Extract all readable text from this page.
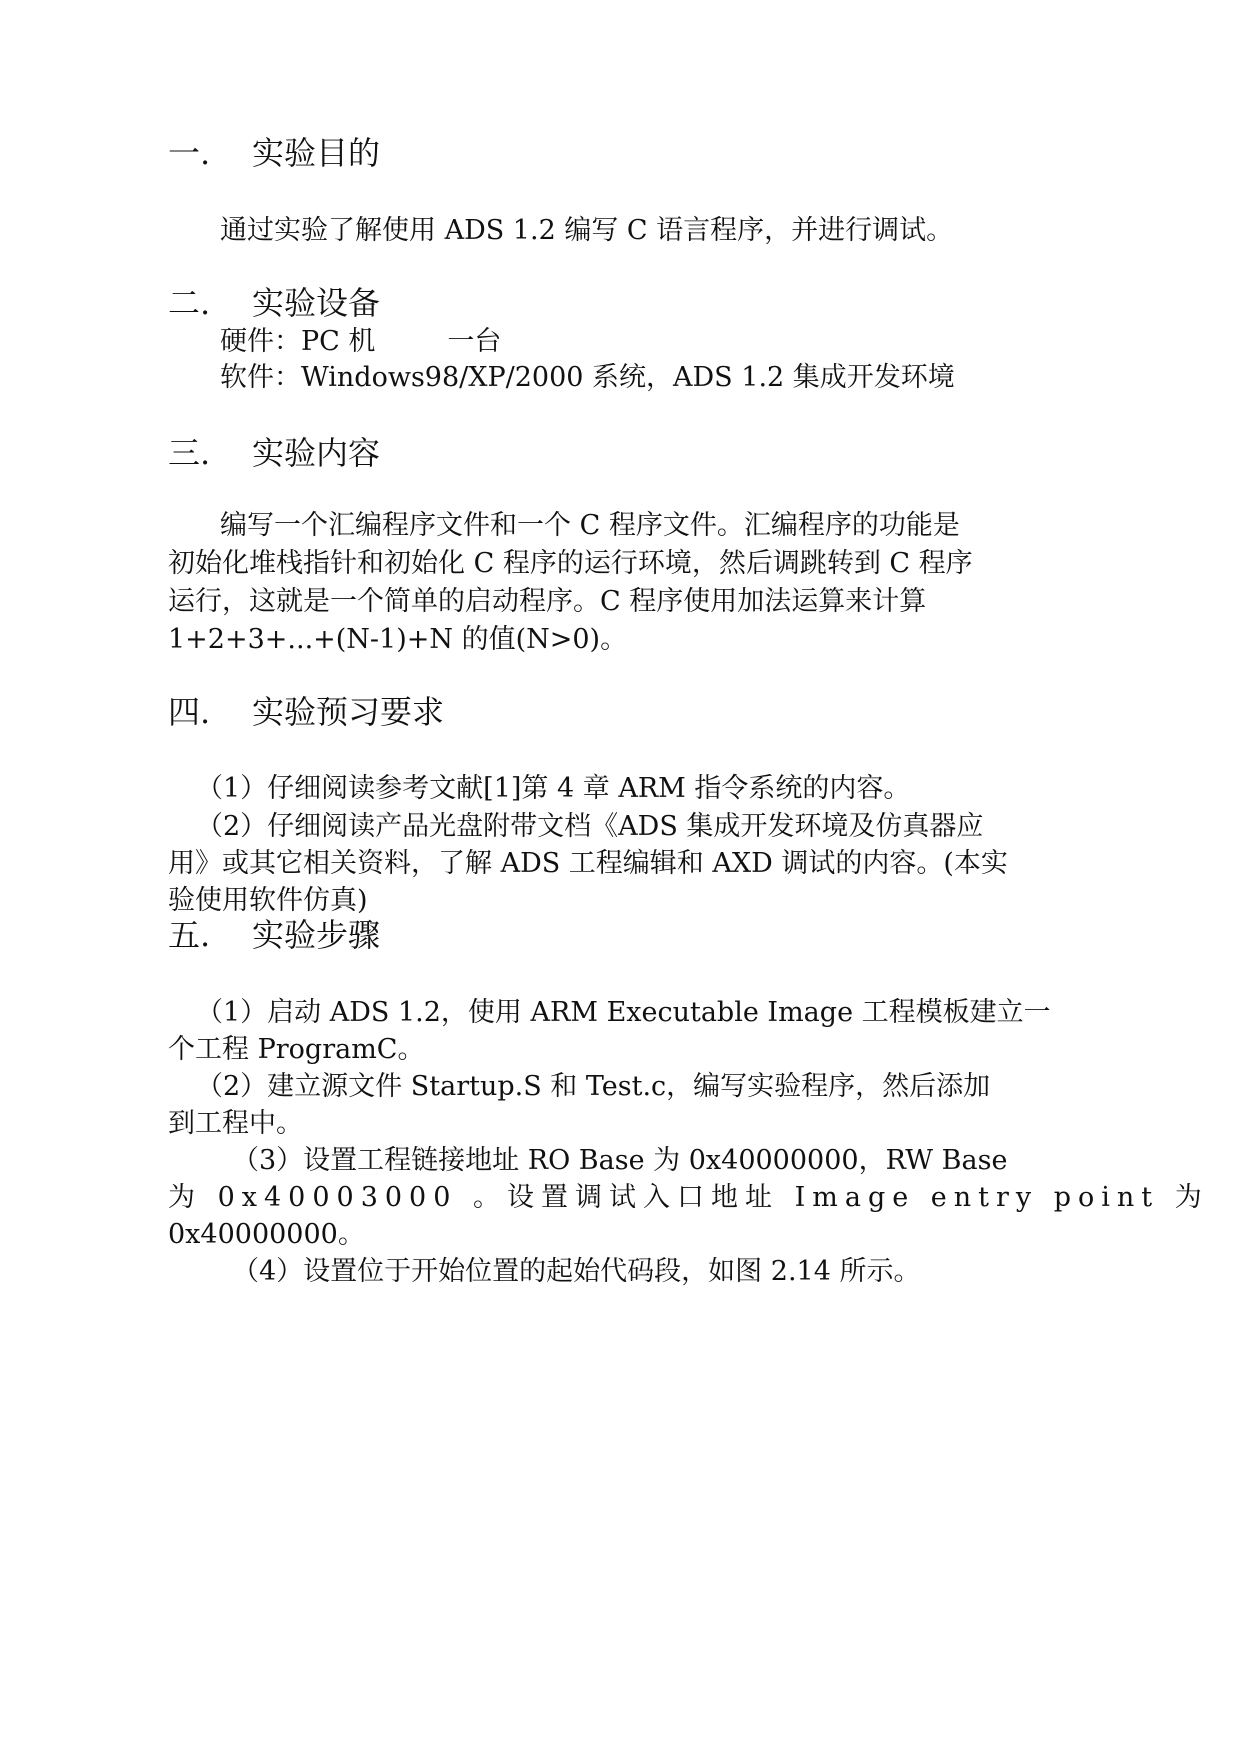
一. 实验目的
通过实验了解使用 ADS 1.2 编写 C 语言程序，并进行调试。
二. 实验设备
硬件：PC 机	一台
软件：Windows98/XP/2000 系统，ADS 1.2 集成开发环境
三. 实验内容
编写一个汇编程序文件和一个 C 程序文件。汇编程序的功能是
初始化堆栈指针和初始化 C 程序的运行环境，然后调跳转到 C 程序
运行，这就是一个简单的启动程序。C 程序使用加法运算来计算
1+2+3+...+(N-1)+N 的值(N>0)。
四. 实验预习要求
（1）仔细阅读参考文献[1]第 4 章 ARM 指令系统的内容。
（2）仔细阅读产品光盘附带文档《ADS 集成开发环境及仿真器应
用》或其它相关资料，了解 ADS 工程编辑和 AXD 调试的内容。(本实
验使用软件仿真)
五. 实验步骤
（1）启动 ADS 1.2，使用 ARM Executable Image 工程模板建立一
个工程 ProgramC。
（2）建立源文件 Startup.S 和 Test.c，编写实验程序，然后添加
到工程中。
（3）设置工程链接地址 RO Base 为 0x40000000，RW Base
为 0x40003000 。设置调试入口地址 Image entry point 为
0x40000000。
（4）设置位于开始位置的起始代码段，如图 2.14 所示。
